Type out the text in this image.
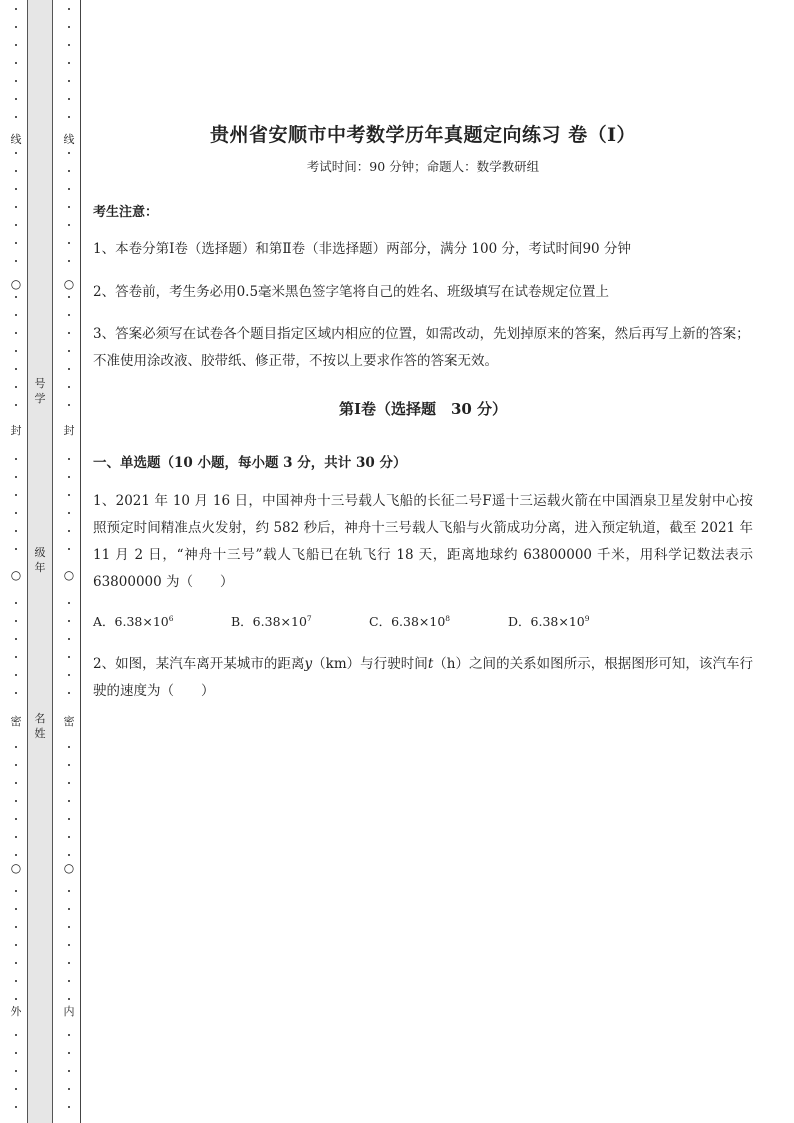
线
○
封
○
密
○
外
号
学
级
年
名
姓
线
○
封
○
密
○
内
贵州省安顺市中考数学历年真题定向练习 卷（Ⅰ）
考试时间：90 分钟；命题人：数学教研组
考生注意：
1、本卷分第Ⅰ卷（选择题）和第Ⅱ卷（非选择题）两部分，满分 100 分，考试时间90 分钟
2、答卷前，考生务必用0.5毫米黑色签字笔将自己的姓名、班级填写在试卷规定位置上
3、答案必须写在试卷各个题目指定区域内相应的位置，如需改动，先划掉原来的答案，然后再写上新的答案；不准使用涂改液、胶带纸、修正带，不按以上要求作答的答案无效。
第Ⅰ卷（选择题　30 分）
一、单选题（10 小题，每小题 3 分，共计 30 分）
1、2021 年 10 月 16 日，中国神舟十三号载人飞船的长征二号F遥十三运载火箭在中国酒泉卫星发射中心按照预定时间精准点火发射，约 582 秒后，神舟十三号载人飞船与火箭成功分离，进入预定轨道，截至 2021 年 11 月 2 日，“神舟十三号”载人飞船已在轨飞行 18 天，距离地球约 63800000 千米，用科学记数法表示 63800000 为（　　）
A．$6.38\times 10^6$	B．$6.38\times 10^7$	C．$6.38\times 10^8$	D．$6.38\times 10^9$
2、如图，某汽车离开某城市的距离y（km）与行驶时间t（h）之间的关系如图所示，根据图形可知，该汽车行驶的速度为（　　）
